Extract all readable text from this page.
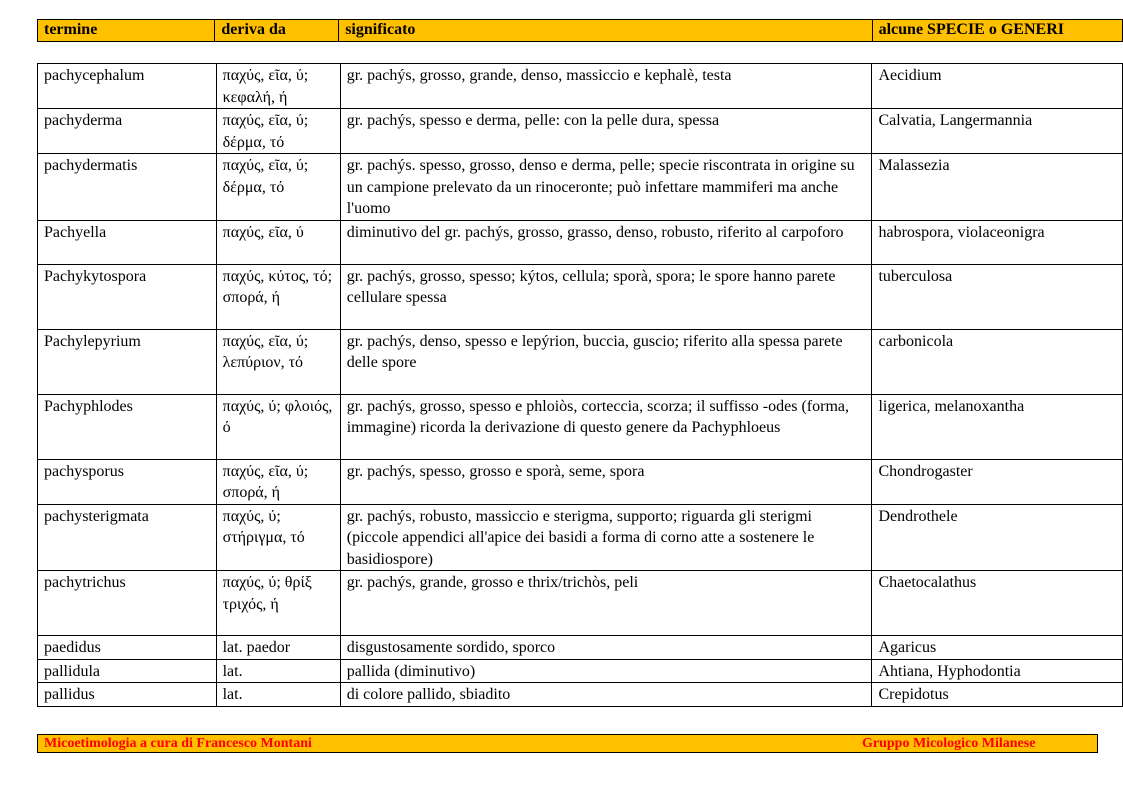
termine	deriva da	significato	alcune SPECIE o GENERI
pachycephalum	παχύς, εῖα, ύ; κεφαλή, ή	gr. pachýs, grosso, grande, denso, massiccio e kephalè, testa	Aecidium
pachyderma	παχύς, εῖα, ύ; δέρμα, τό	gr. pachýs, spesso e derma, pelle: con la pelle dura, spessa	Calvatia, Langermannia
pachydermatis	παχύς, εῖα, ύ; δέρμα, τό	gr. pachýs. spesso, grosso, denso e derma, pelle; specie riscontrata in origine su un campione prelevato da un rinoceronte; può infettare mammiferi ma anche l'uomo	Malassezia
Pachyella	παχύς, εῖα, ύ	diminutivo del gr. pachýs, grosso, grasso, denso, robusto, riferito al carpoforo	habrospora, violaceonigra
Pachykytospora	παχύς, κύτος, τό; σπορά, ή	gr. pachýs, grosso, spesso; kýtos, cellula; sporà, spora; le spore hanno parete cellulare spessa	tuberculosa
Pachylepyrium	παχύς, εῖα, ύ; λεπύριον, τό	gr. pachýs, denso, spesso e lepýrion, buccia, guscio; riferito alla spessa parete delle spore	carbonicola
Pachyphlodes	παχύς, ύ; φλοιός, ό	gr. pachýs, grosso, spesso e phloiòs, corteccia, scorza; il suffisso -odes (forma, immagine) ricorda la derivazione di questo genere da Pachyphloeus	ligerica, melanoxantha
pachysporus	παχύς, εῖα, ύ; σπορά, ή	gr. pachýs, spesso, grosso e sporà, seme, spora	Chondrogaster
pachysterigmata	παχύς, ύ; στήριγμα, τό	gr. pachýs, robusto, massiccio e sterigma, supporto; riguarda gli sterigmi (piccole appendici all'apice dei basidi a forma di corno atte a sostenere le basidiospore)	Dendrothele
pachytrichus	παχύς, ύ; θρίξ τριχός, ή	gr. pachýs, grande, grosso e thrix/trichòs, peli	Chaetocalathus
paedidus	lat. paedor	disgustosamente sordido, sporco	Agaricus
pallidula	lat.	pallida (diminutivo)	Ahtiana, Hyphodontia
pallidus	lat.	di colore pallido, sbiadito	Crepidotus
Micoetimologia a cura di Francesco Montani	Gruppo Micologico Milanese
